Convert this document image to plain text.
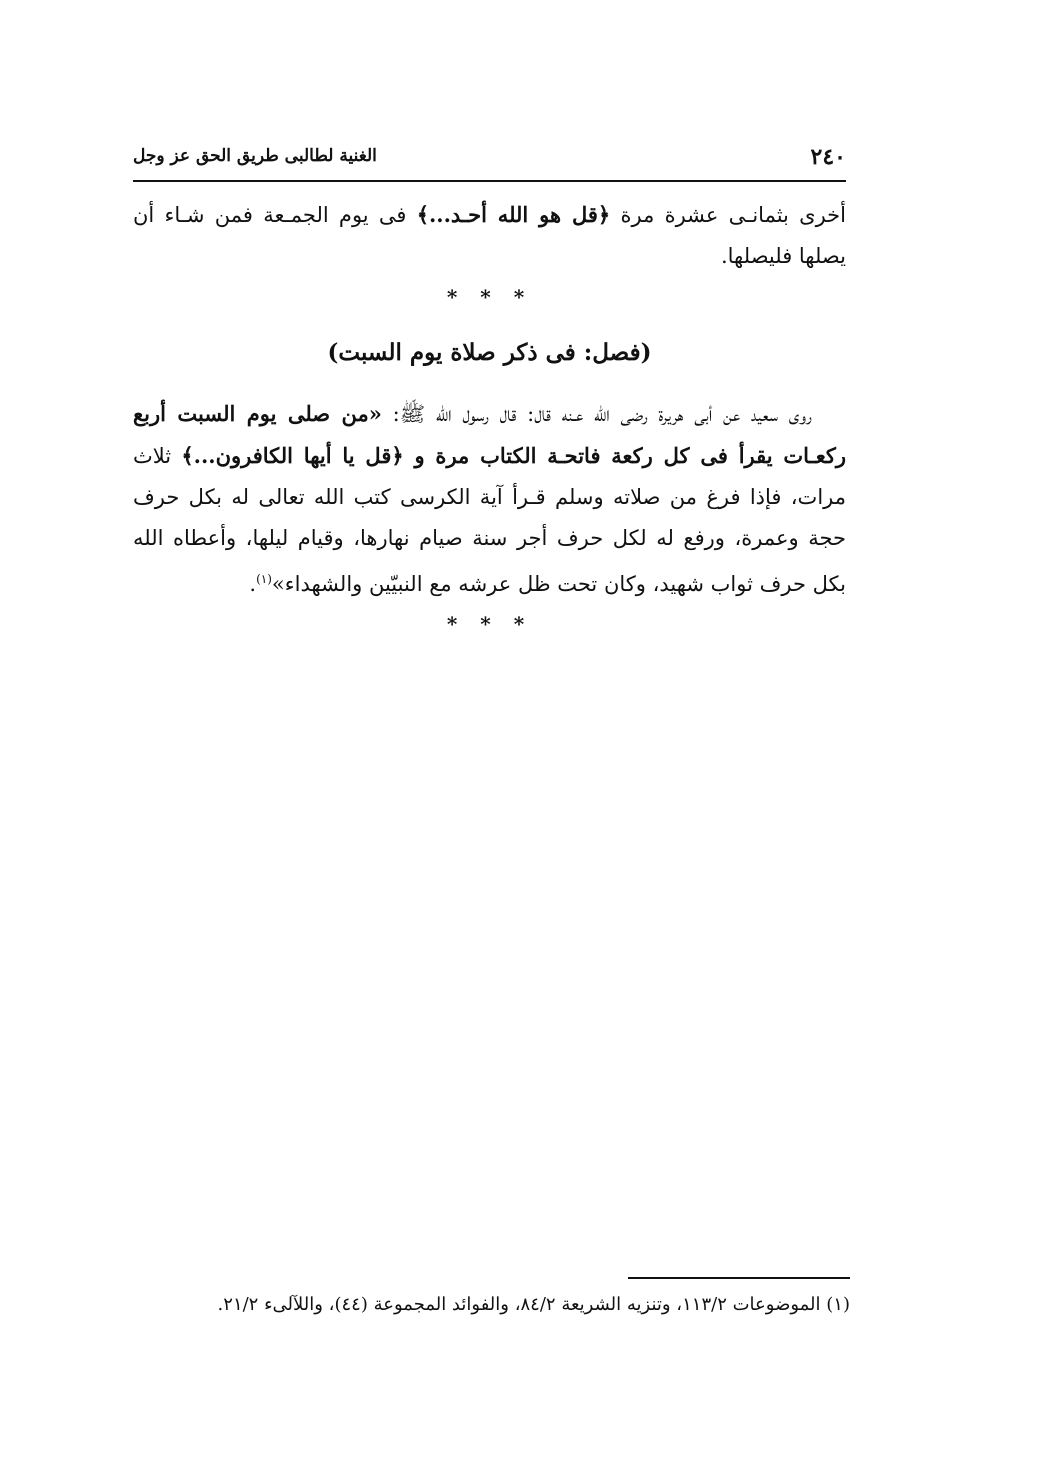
٢٤٠
الغنية لطالبى طريق الحق عز وجل
أخرى بثمانـى عشرة مرة ﴿قل هو الله أحـد...﴾ فى يوم الجمـعة فمن شـاء أن يصلها فليصلها.
* * *
(فصل: فى ذكر صلاة يوم السبت)
روى سعيد عن أبى هريرة رضى الله عـنه قال: قال رسول الله ﷺ: «من صلى يوم السبت أربع ركعـات يقرأ فى كل ركعة فاتحـة الكتاب مرة و ﴿قل يا أيها الكافرون...﴾ ثلاث مرات، فإذا فرغ من صلاته وسلم قـرأ آية الكرسى كتب الله تعالى له بكل حرف حجة وعمرة، ورفع له لكل حرف أجر سنة صيام نهارها، وقيام ليلها، وأعطاه الله بكل حرف ثواب شهيد، وكان تحت ظل عرشه مع النبيّين والشهداء»$^{(١)}$.
* * *
(١) الموضوعات ١١٣/٢، وتنزيه الشريعة ٨٤/٢، والفوائد المجموعة (٤٤)، واللآلىء ٢١/٢.
